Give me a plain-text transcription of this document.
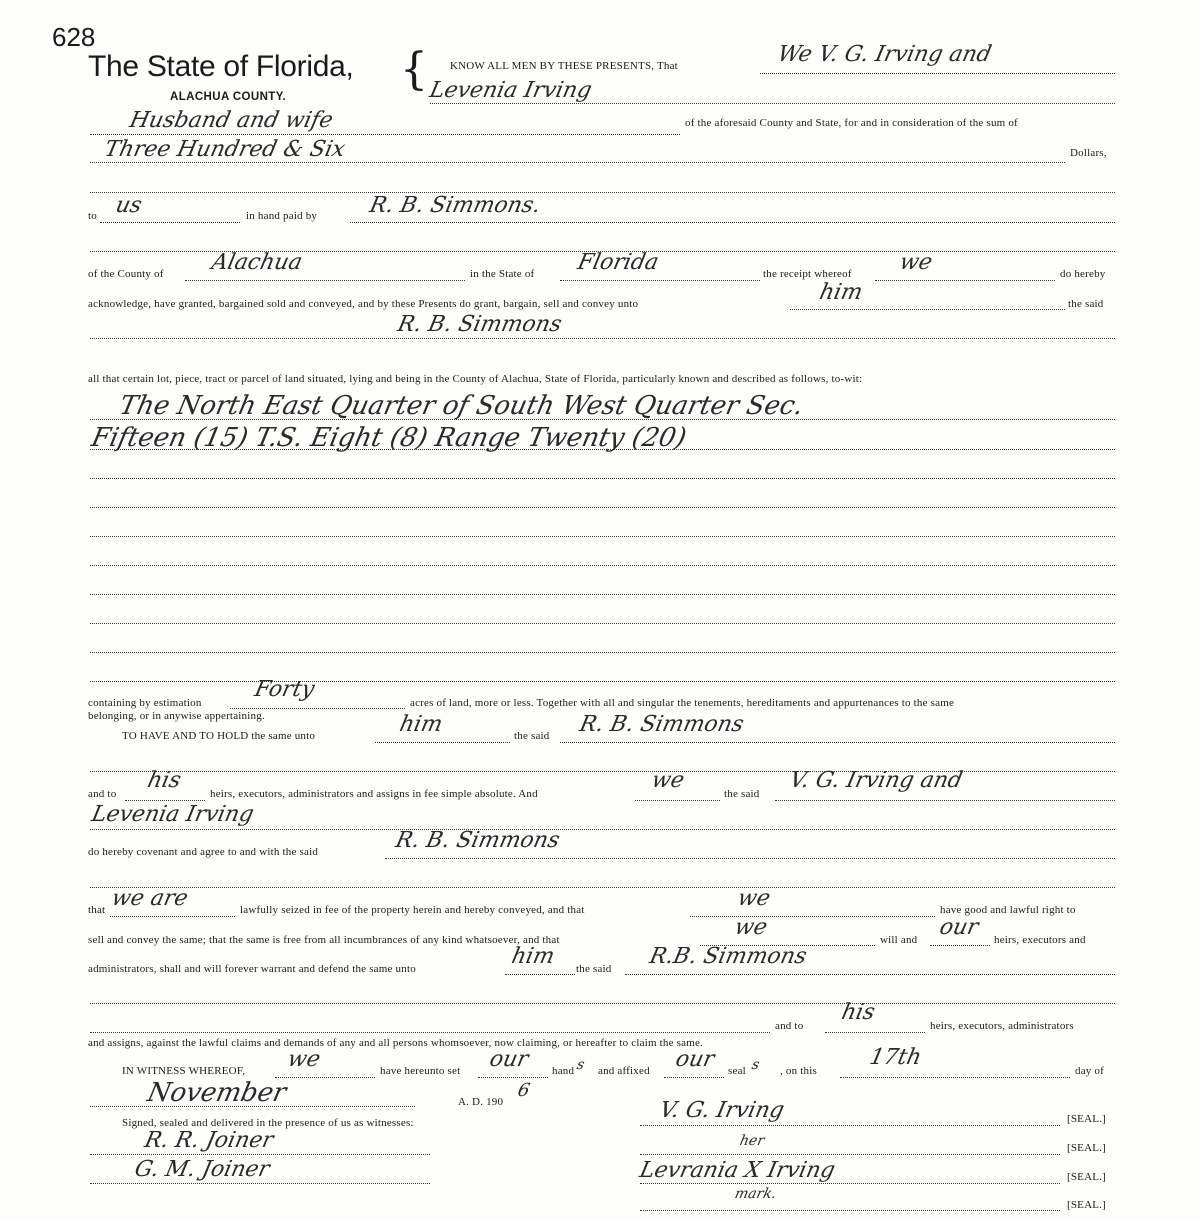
628
The State of Florida,
ALACHUA COUNTY.
{ KNOW ALL MEN BY THESE PRESENTS, That	We V. G. Irving and
Levenia Irving
Husband and wife	of the aforesaid County and State, for and in consideration of the sum of
Three Hundred & Six	Dollars,
to us	in hand paid by R. B. Simmons.
of the County of Alachua	in the State of Florida	the receipt whereof we	do hereby
acknowledge, have granted, bargained sold and conveyed, and by these Presents do grant, bargain, sell and convey unto	him	the said
R. B. Simmons
all that certain lot, piece, tract or parcel of land situated, lying and being in the County of Alachua, State of Florida, particularly known and described as follows, to-wit:
The North East Quarter of South West Quarter Sec.
Fifteen (15) T.S. Eight (8) Range Twenty (20)
containing by estimation
Forty
acres of land, more or less. Together with all and singular the tenements, hereditaments and appurtenances to the same
belonging, or in anywise appertaining.
TO HAVE AND TO HOLD the same unto	him	the said R. B. Simmons
and to
his
heirs, executors, administrators and assigns in fee simple absolute. And
we
the said
V. G. Irving and
Levenia Irving
do hereby covenant and agree to and with the said	R. B. Simmons
that we are	lawfully seized in fee of the property herein and hereby conveyed, and that	we	have good and lawful right to
sell and convey the same; that the same is free from all incumbrances of any kind whatsoever, and that	we	will and our heirs, executors and
administrators, shall and will forever warrant and defend the same unto	him the said R.B. Simmons
and to
his
heirs, executors, administrators
and assigns, against the lawful claims and demands of any and all persons whomsoever, now claiming, or hereafter to claim the same.
IN WITNESS WHEREOF, we	have hereunto set our hand s and affixed our seal s , on this
17th
day of
November	A. D. 190
6
Signed, sealed and delivered in the presence of us as witnesses:
R. R. Joiner
G. M. Joiner
V. G. Irving	[SEAL.]
her	[SEAL.]
Levrania X Irving	[SEAL.]
mark.
[SEAL.]
